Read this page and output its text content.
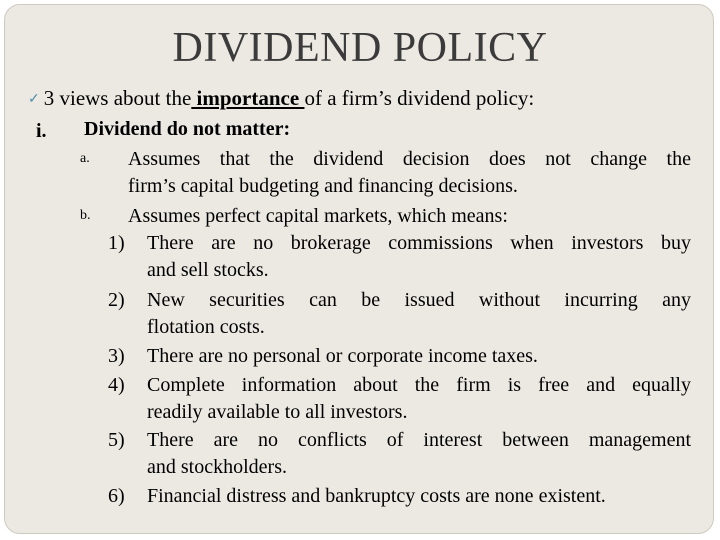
DIVIDEND POLICY
✓ 3 views about the importance of a firm’s dividend policy:
i. Dividend do not matter:
a. Assumes that the dividend decision does not change the
firm’s capital budgeting and financing decisions.
b. Assumes perfect capital markets, which means:
1) There are no brokerage commissions when investors buy
and sell stocks.
2) New securities can be issued without incurring any
flotation costs.
3) There are no personal or corporate income taxes.
4) Complete information about the firm is free and equally
readily available to all investors.
5) There are no conflicts of interest between management
and stockholders.
6) Financial distress and bankruptcy costs are none existent.
